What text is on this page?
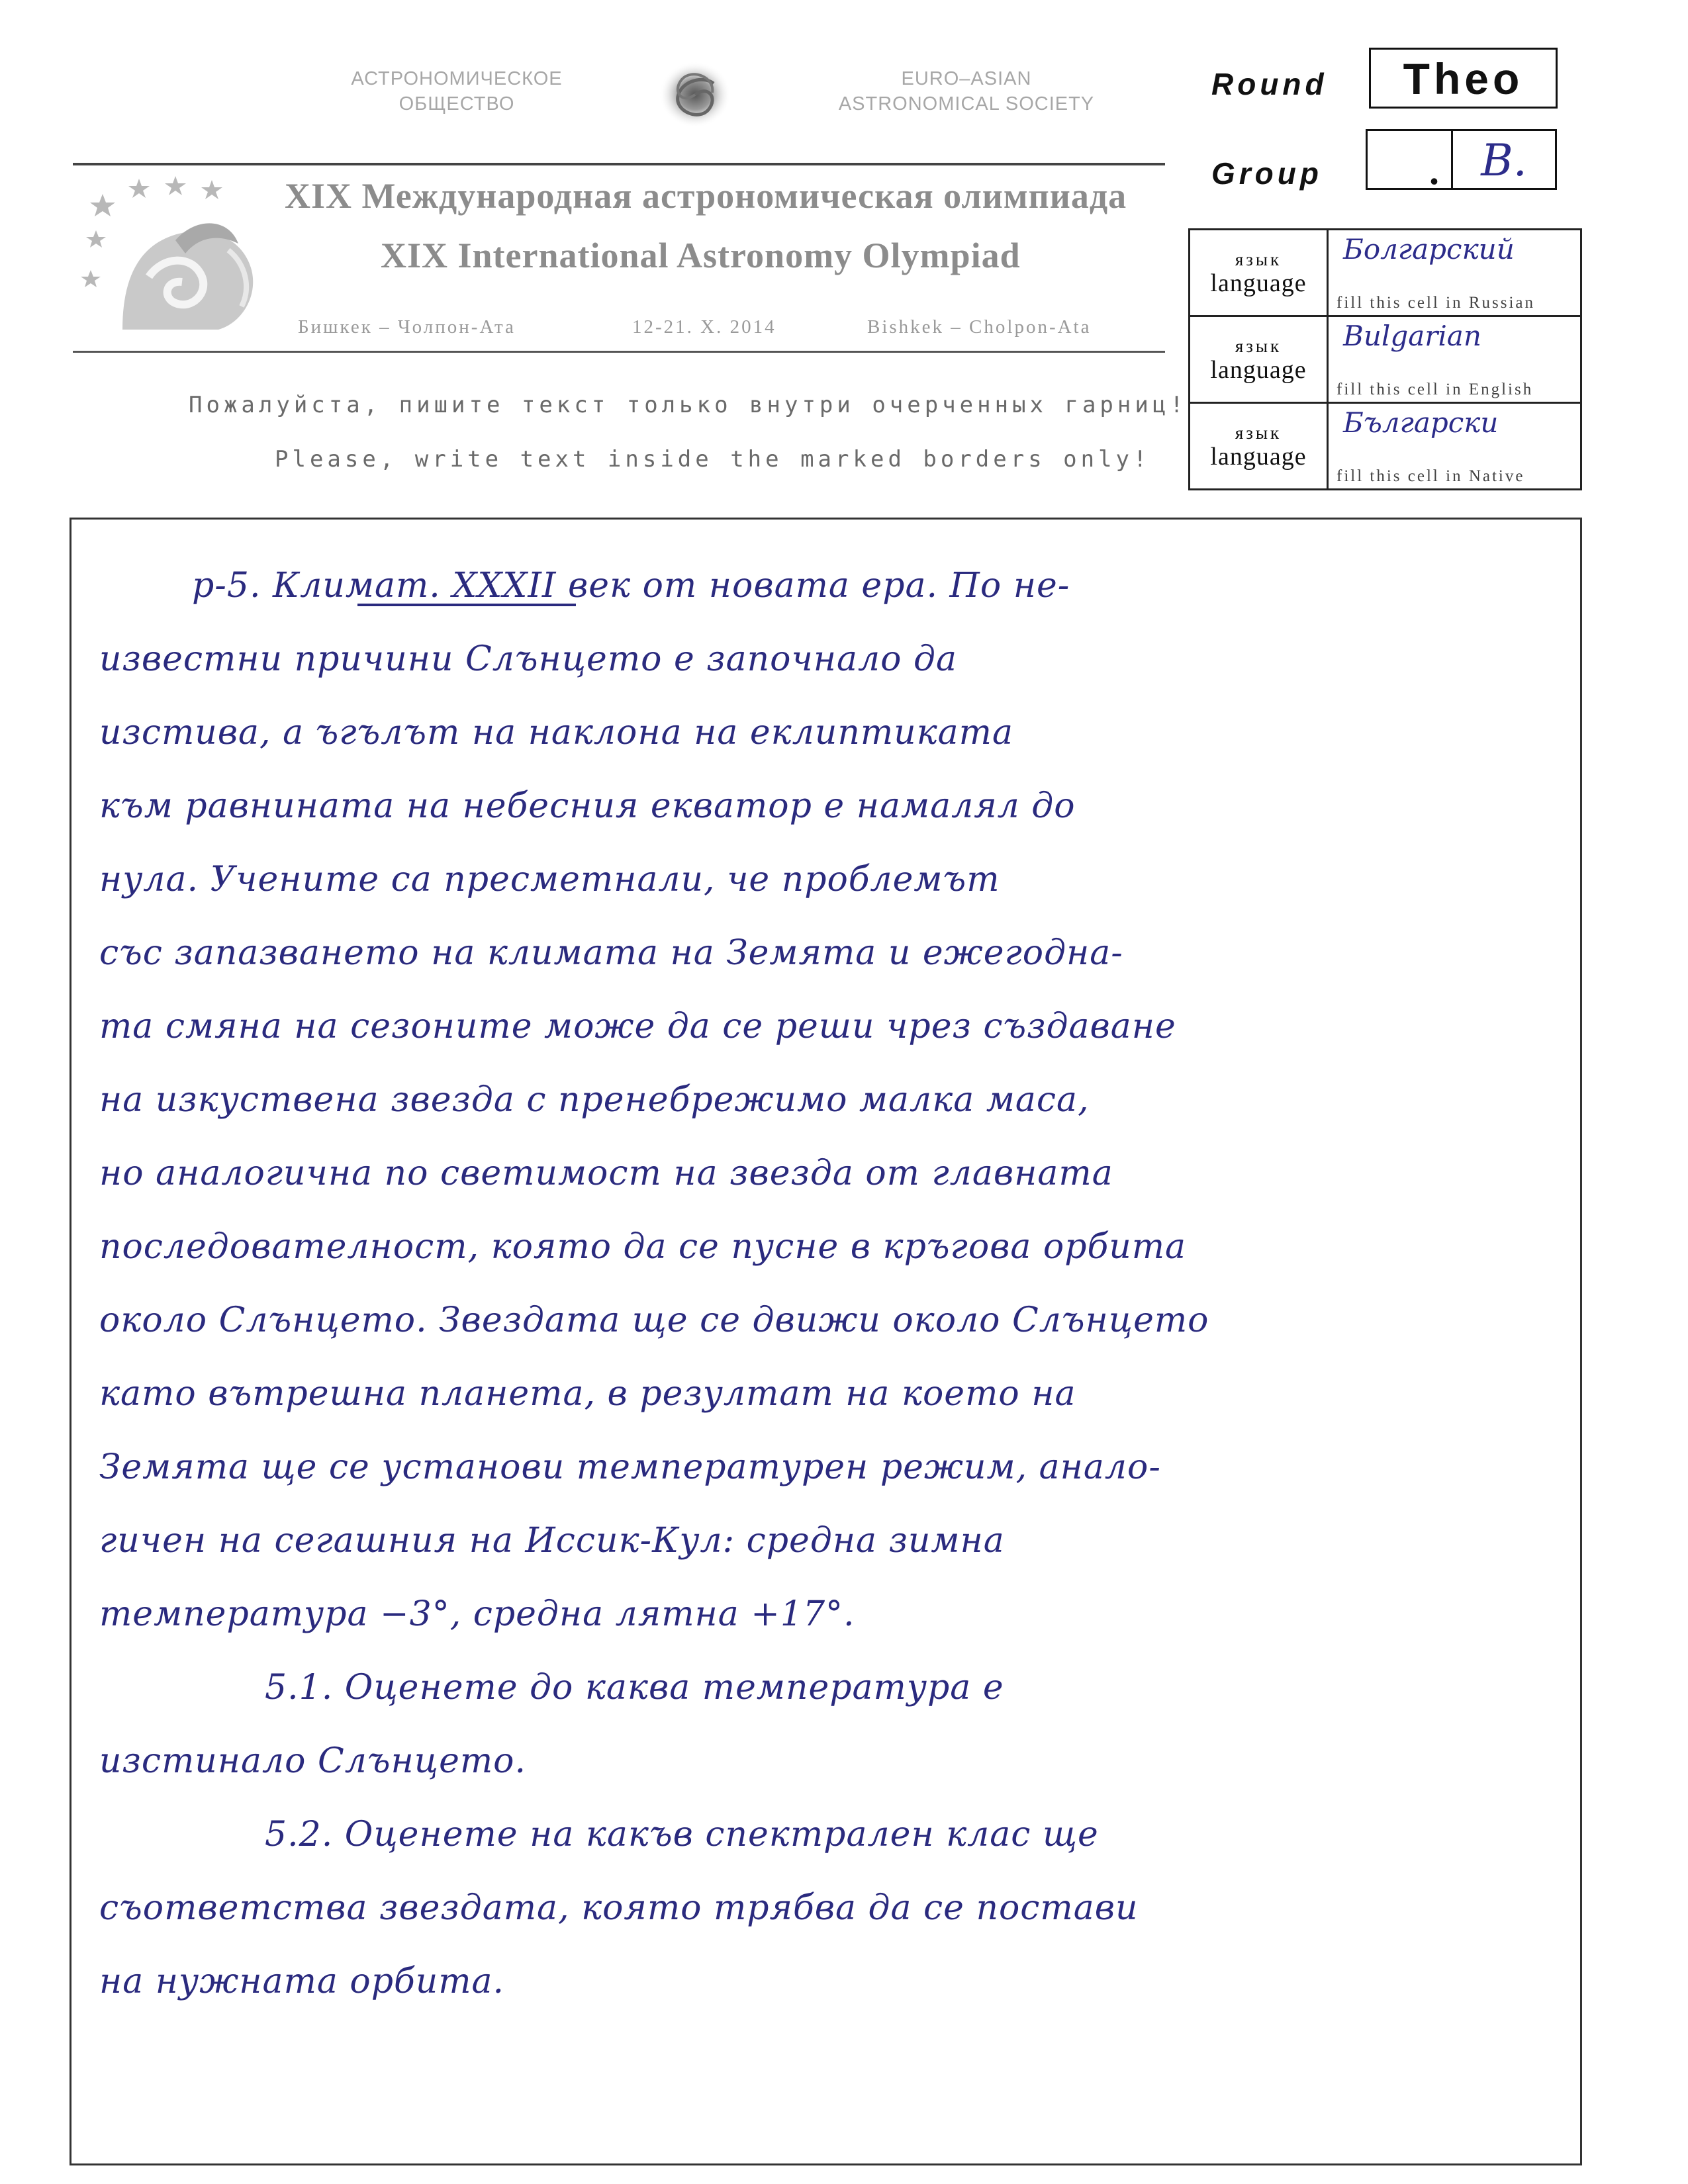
АСТРОНОМИЧЕСКОЕ
ОБЩЕСТВО
EURO–ASIAN
ASTRONOMICAL SOCIETY
XIX Международная астрономическая олимпиада
XIX International Astronomy Olympiad
Бишкек – Чолпон-Ата	12-21. X. 2014	Bishkek – Cholpon-Ata
Пожалуйста, пишите текст только внутри очерченных гарниц!
Please, write text inside the marked borders only!
Round	Theo
Group	. B.
язык
language	Болгарский
fill this cell in Russian

язык
language	Bulgarian
fill this cell in English

язык
language	Български
fill this cell in Native
р-5. Климат. XXXII век от новата ера. По не-
известни причини Слънцето е започнало да
изстива, а ъгълът на наклона на еклиптиката
към равнината на небесния екватор е намалял до
нула. Учените са пресметнали, че проблемът
със запазването на климата на Земята и ежегодна-
та смяна на сезоните може да се реши чрез създаване
на изкуствена звезда с пренебрежимо малка маса,
но аналогична по светимост на звезда от главната
последователност, която да се пусне в кръгова орбита
около Слънцето. Звездата ще се движи около Слънцето
като вътрешна планета, в резултат на което на
Земята ще се установи температурен режим, анало-
гичен на сегашния на Иссик-Кул: средна зимна
температура −3°, средна лятна +17°.
5.1. Оценете до каква температура е
изстинало Слънцето.
5.2. Оценете на какъв спектрален клас ще
съответства звездата, която трябва да се постави
на нужната орбита.
